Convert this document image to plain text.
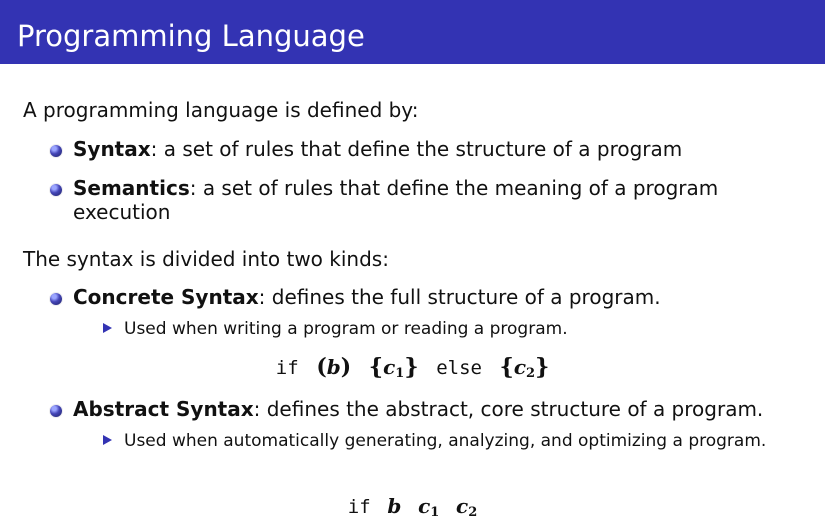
Programming Language
A programming language is defined by:
Syntax: a set of rules that define the structure of a program
Semantics: a set of rules that define the meaning of a program execution
The syntax is divided into two kinds:
Concrete Syntax: defines the full structure of a program.
Used when writing a program or reading a program.
if (b) $\{c_1\}$ else $\{c_2\}$
Abstract Syntax: defines the abstract, core structure of a program.
Used when automatically generating, analyzing, and optimizing a program.
if b $c_1$ $c_2$
